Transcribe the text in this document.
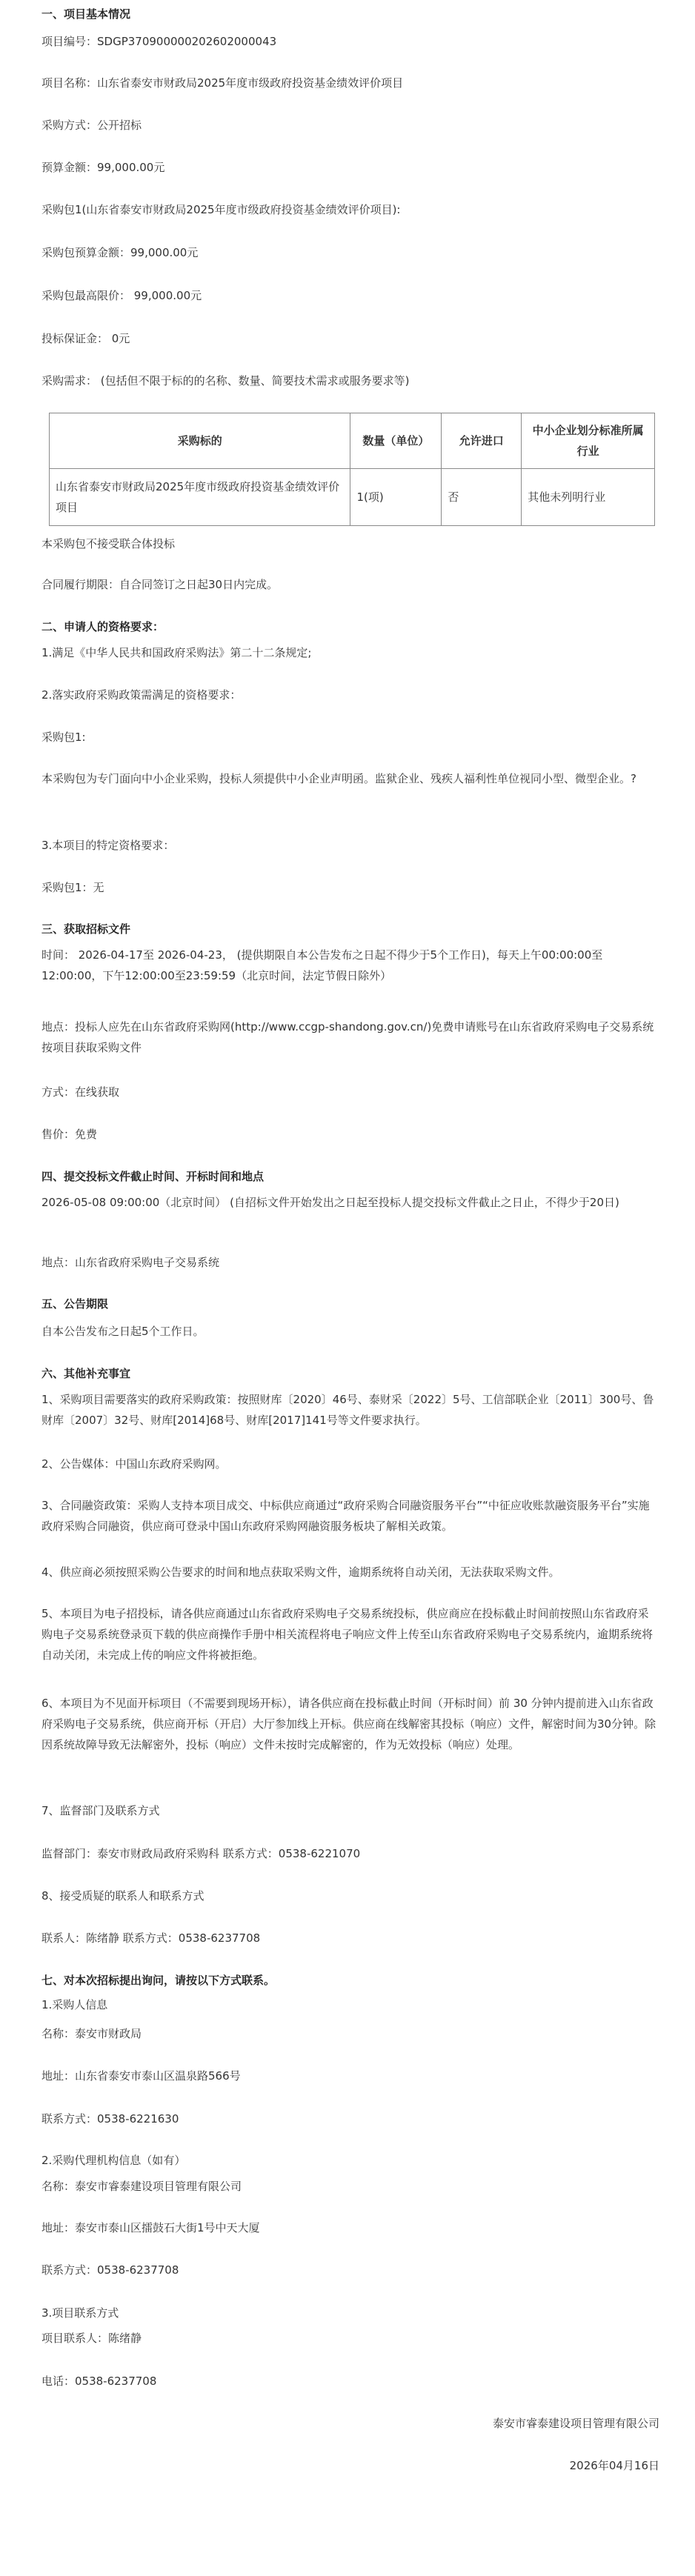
一、项目基本情况
项目编号：SDGP370900000202602000043
项目名称：山东省泰安市财政局2025年度市级政府投资基金绩效评价项目
采购方式：公开招标
预算金额：99,000.00元
采购包1(山东省泰安市财政局2025年度市级政府投资基金绩效评价项目):
采购包预算金额：99,000.00元
采购包最高限价： 99,000.00元
投标保证金： 0元
采购需求： (包括但不限于标的的名称、数量、简要技术需求或服务要求等)
采购标的	数量（单位）	允许进口	中小企业划分标准所属行业
山东省泰安市财政局2025年度市级政府投资基金绩效评价项目	1(项)	否	其他未列明行业
本采购包不接受联合体投标
合同履行期限：自合同签订之日起30日内完成。
二、申请人的资格要求：
1.满足《中华人民共和国政府采购法》第二十二条规定;
2.落实政府采购政策需满足的资格要求：
采购包1:
本采购包为专门面向中小企业采购，投标人须提供中小企业声明函。监狱企业、残疾人福利性单位视同小型、微型企业。?
3.本项目的特定资格要求：
采购包1：无
三、获取招标文件
时间： 2026-04-17至 2026-04-23， (提供期限自本公告发布之日起不得少于5个工作日)，每天上午00:00:00至12:00:00，下午12:00:00至23:59:59（北京时间，法定节假日除外）
地点：投标人应先在山东省政府采购网(http://www.ccgp-shandong.gov.cn/)免费申请账号在山东省政府采购电子交易系统按项目获取采购文件
方式：在线获取
售价：免费
四、提交投标文件截止时间、开标时间和地点
2026-05-08 09:00:00（北京时间） (自招标文件开始发出之日起至投标人提交投标文件截止之日止，不得少于20日)
地点：山东省政府采购电子交易系统
五、公告期限
自本公告发布之日起5个工作日。
六、其他补充事宜
1、采购项目需要落实的政府采购政策：按照财库〔2020〕46号、泰财采〔2022〕5号、工信部联企业〔2011〕300号、鲁财库〔2007〕32号、财库[2014]68号、财库[2017]141号等文件要求执行。
2、公告媒体：中国山东政府采购网。
3、合同融资政策：采购人支持本项目成交、中标供应商通过“政府采购合同融资服务平台”“中征应收账款融资服务平台”实施政府采购合同融资，供应商可登录中国山东政府采购网融资服务板块了解相关政策。
4、供应商必须按照采购公告要求的时间和地点获取采购文件，逾期系统将自动关闭，无法获取采购文件。
5、本项目为电子招投标，请各供应商通过山东省政府采购电子交易系统投标，供应商应在投标截止时间前按照山东省政府采购电子交易系统登录页下载的供应商操作手册中相关流程将电子响应文件上传至山东省政府采购电子交易系统内，逾期系统将自动关闭，未完成上传的响应文件将被拒绝。
6、本项目为不见面开标项目（不需要到现场开标），请各供应商在投标截止时间（开标时间）前 30 分钟内提前进入山东省政府采购电子交易系统，供应商开标（开启）大厅参加线上开标。供应商在线解密其投标（响应）文件，解密时间为30分钟。除因系统故障导致无法解密外，投标（响应）文件未按时完成解密的，作为无效投标（响应）处理。
7、监督部门及联系方式
监督部门：泰安市财政局政府采购科 联系方式：0538-6221070
8、接受质疑的联系人和联系方式
联系人：陈绪静 联系方式：0538-6237708
七、对本次招标提出询问，请按以下方式联系。
1.采购人信息
名称：泰安市财政局
地址：山东省泰安市泰山区温泉路566号
联系方式：0538-6221630
2.采购代理机构信息（如有）
名称：泰安市睿泰建设项目管理有限公司
地址：泰安市泰山区擂鼓石大街1号中天大厦
联系方式：0538-6237708
3.项目联系方式
项目联系人：陈绪静
电话：0538-6237708
泰安市睿泰建设项目管理有限公司
2026年04月16日
